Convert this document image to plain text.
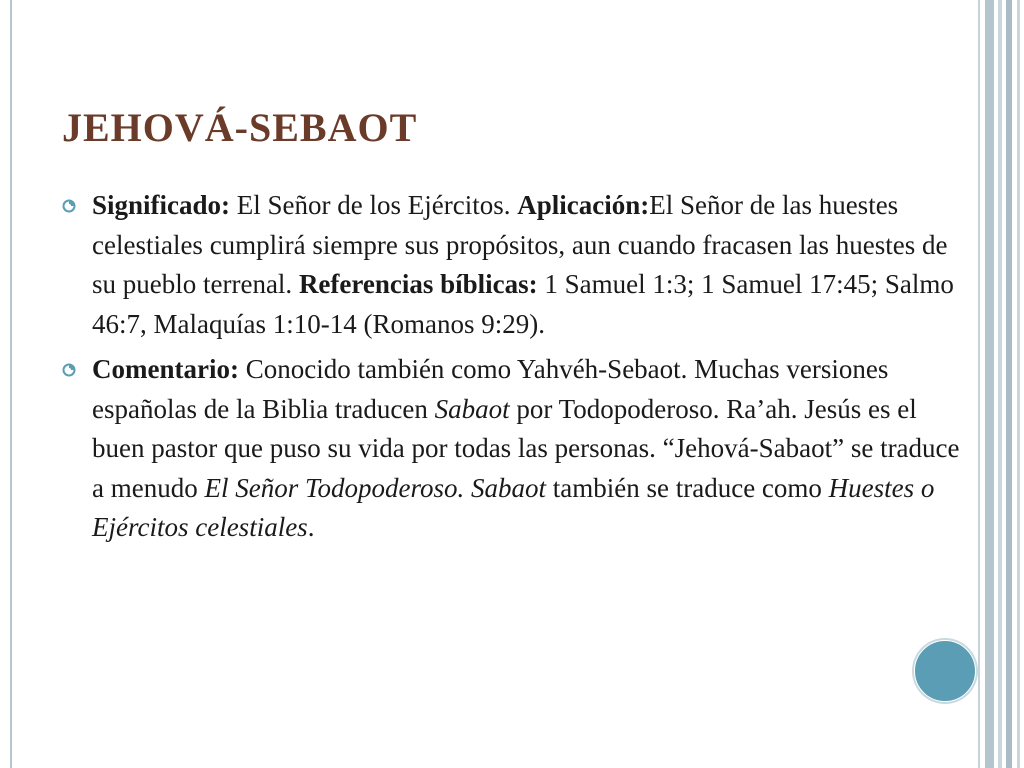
JEHOVÁ-SEBAOT
Significado: El Señor de los Ejércitos. Aplicación:El Señor de las huestes celestiales cumplirá siempre sus propósitos, aun cuando fracasen las huestes de su pueblo terrenal. Referencias bíblicas: 1 Samuel 1:3; 1 Samuel 17:45; Salmo 46:7, Malaquías 1:10-14 (Romanos 9:29).
Comentario: Conocido también como Yahvéh-Sebaot. Muchas versiones españolas de la Biblia traducen Sabaot por Todopoderoso. Ra’ah. Jesús es el buen pastor que puso su vida por todas las personas. “Jehová-Sabaot” se traduce a menudo El Señor Todopoderoso. Sabaot también se traduce como Huestes o Ejércitos celestiales.
